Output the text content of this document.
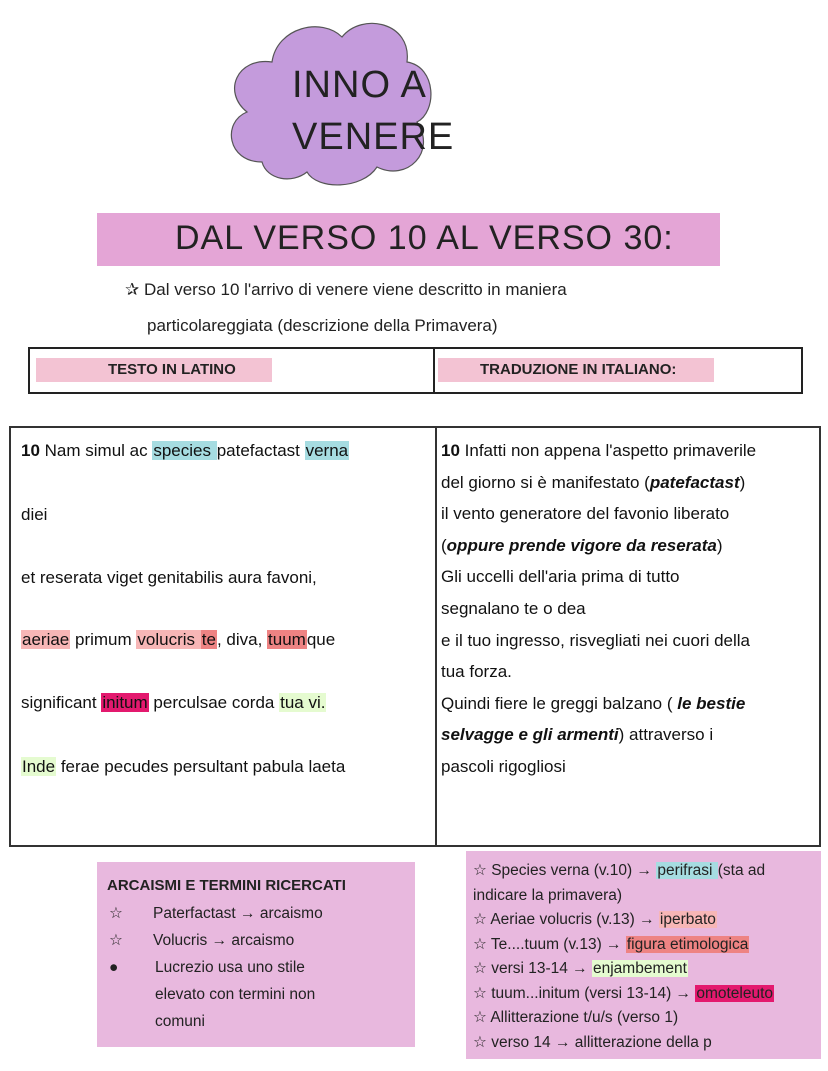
INNO A
VENERE
DAL VERSO 10 AL VERSO 30:
✰ Dal verso 10 l'arrivo di venere viene descritto in maniera
particolareggiata (descrizione della Primavera)
TESTO IN LATINO	TRADUZIONE IN ITALIANO:
10 Nam simul ac species patefactast verna
diei
et reserata viget genitabilis aura favoni,
aeriae primum volucris te, diva, tuumque
significant initum perculsae corda tua vi.
Inde ferae pecudes persultant pabula laeta
10 Infatti non appena l'aspetto primaverile
del giorno si è manifestato (patefactast)
il vento generatore del favonio liberato
(oppure prende vigore da reserata)
Gli uccelli dell'aria prima di tutto
segnalano te o dea
e il tuo ingresso, risvegliati nei cuori della
tua forza.
Quindi fiere le greggi balzano ( le bestie
selvagge e gli armenti) attraverso i
pascoli rigogliosi
ARCAISMI E TERMINI RICERCATI
☆ Paterfactast → arcaismo
☆ Volucris → arcaismo
● Lucrezio usa uno stile
elevato con termini non
comuni
☆ Species verna (v.10) → perifrasi (sta ad
indicare la primavera)
☆ Aeriae volucris (v.13) → iperbato
☆ Te....tuum (v.13) → figura etimologica
☆ versi 13-14 → enjambement
☆ tuum...initum (versi 13-14) → omoteleuto
☆ Allitterazione t/u/s (verso 1)
☆ verso 14 → allitterazione della p
